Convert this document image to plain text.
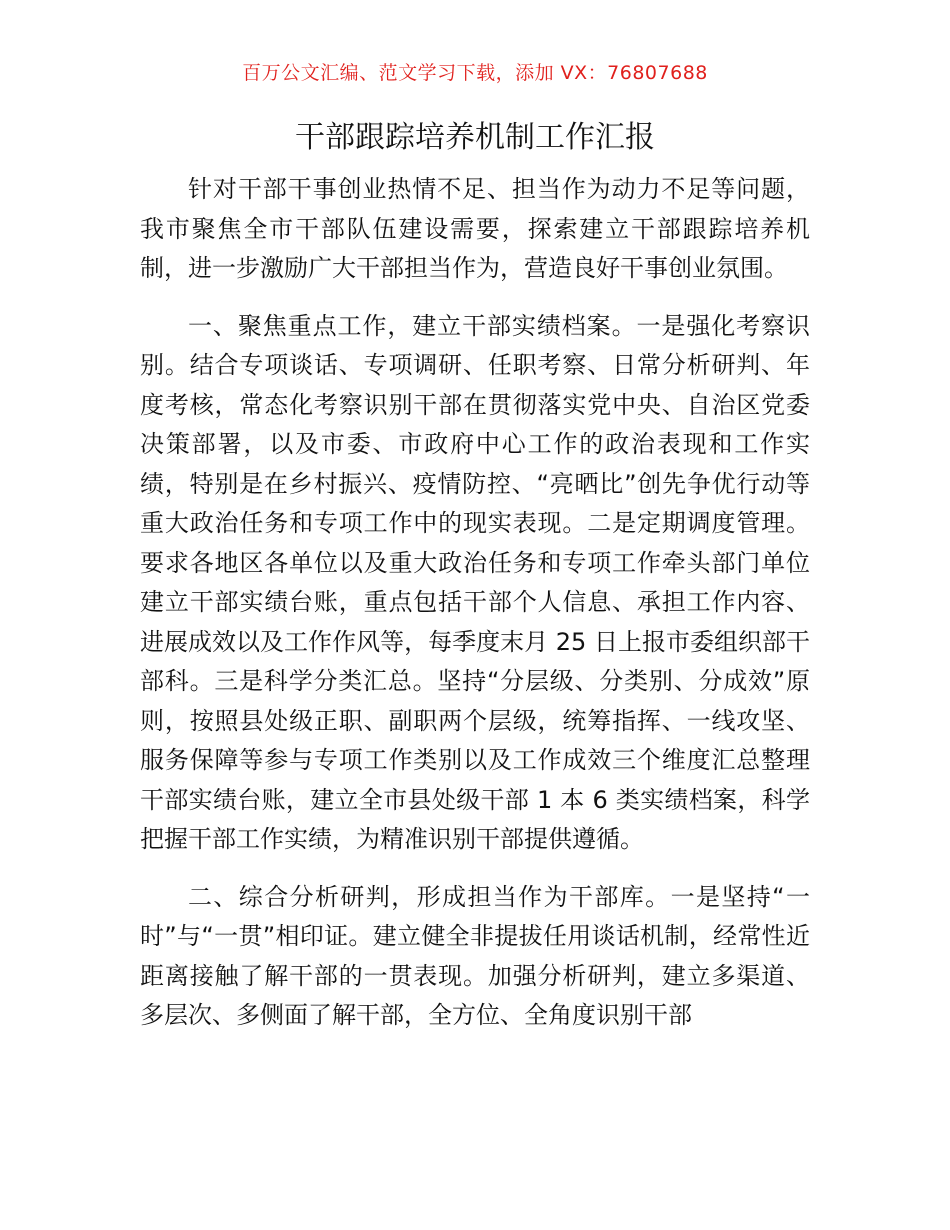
百万公文汇编、范文学习下载，添加 VX：76807688
干部跟踪培养机制工作汇报

针对干部干事创业热情不足、担当作为动力不足等问题，我市聚焦全市干部队伍建设需要，探索建立干部跟踪培养机制，进一步激励广大干部担当作为，营造良好干事创业氛围。

一、聚焦重点工作，建立干部实绩档案。一是强化考察识别。结合专项谈话、专项调研、任职考察、日常分析研判、年度考核，常态化考察识别干部在贯彻落实党中央、自治区党委决策部署，以及市委、市政府中心工作的政治表现和工作实绩，特别是在乡村振兴、疫情防控、“亮晒比”创先争优行动等重大政治任务和专项工作中的现实表现。二是定期调度管理。要求各地区各单位以及重大政治任务和专项工作牵头部门单位建立干部实绩台账，重点包括干部个人信息、承担工作内容、进展成效以及工作作风等，每季度末月 25 日上报市委组织部干部科。三是科学分类汇总。坚持“分层级、分类别、分成效”原则，按照县处级正职、副职两个层级，统筹指挥、一线攻坚、服务保障等参与专项工作类别以及工作成效三个维度汇总整理干部实绩台账，建立全市县处级干部 1 本 6 类实绩档案，科学把握干部工作实绩，为精准识别干部提供遵循。

二、综合分析研判，形成担当作为干部库。一是坚持“一时”与“一贯”相印证。建立健全非提拔任用谈话机制，经常性近距离接触了解干部的一贯表现。加强分析研判，建立多渠道、多层次、多侧面了解干部，全方位、全角度识别干部
